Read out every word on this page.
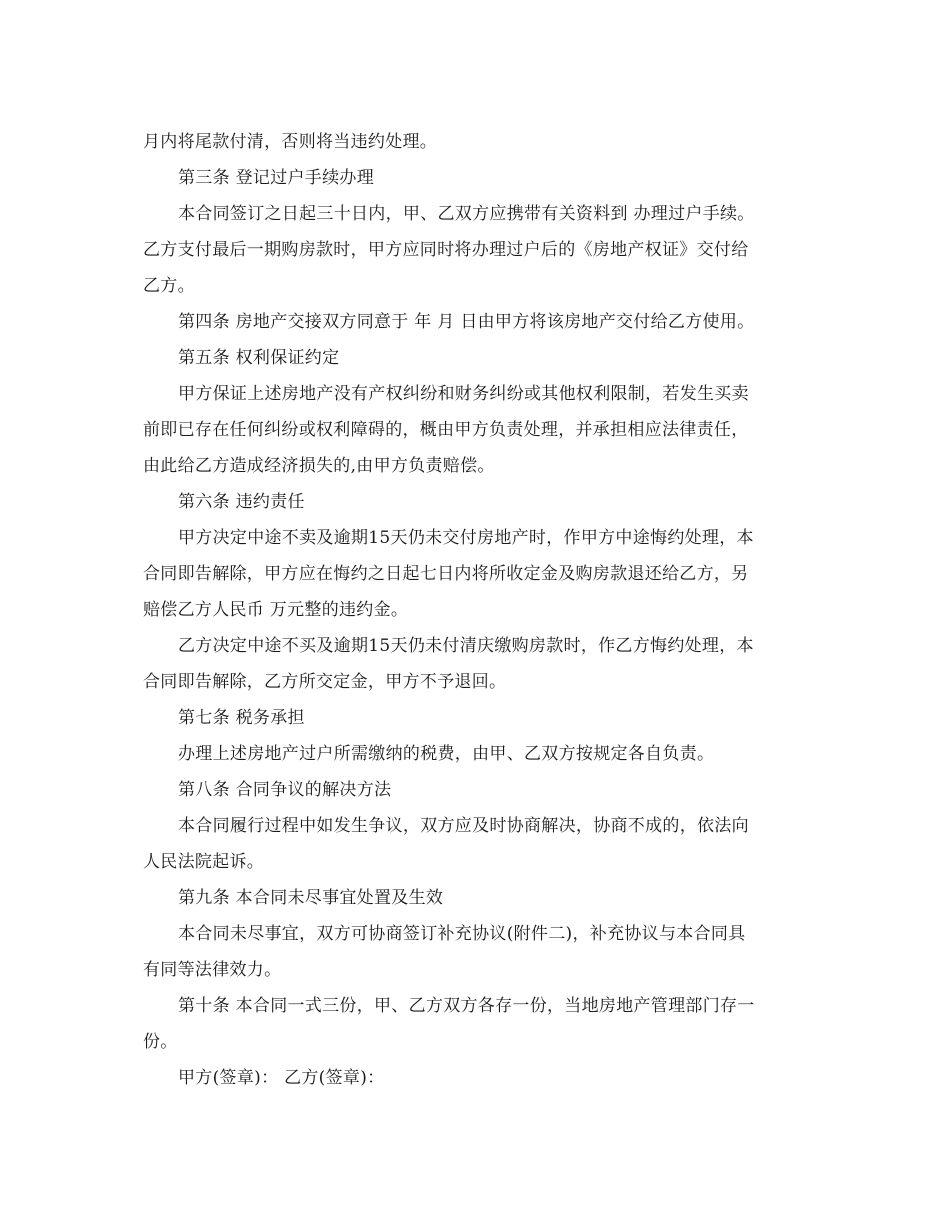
月内将尾款付清，否则将当违约处理。

第三条 登记过户手续办理

本合同签订之日起三十日内，甲、乙双方应携带有关资料到 办理过户手续。

乙方支付最后一期购房款时，甲方应同时将办理过户后的《房地产权证》交付给

乙方。

第四条 房地产交接双方同意于 年 月 日由甲方将该房地产交付给乙方使用。

第五条 权利保证约定

甲方保证上述房地产没有产权纠纷和财务纠纷或其他权利限制，若发生买卖

前即已存在任何纠纷或权利障碍的，概由甲方负责处理，并承担相应法律责任，

由此给乙方造成经济损失的,由甲方负责赔偿。

第六条 违约责任

甲方决定中途不卖及逾期15天仍未交付房地产时，作甲方中途悔约处理，本

合同即告解除，甲方应在悔约之日起七日内将所收定金及购房款退还给乙方，另

赔偿乙方人民币 万元整的违约金。

乙方决定中途不买及逾期15天仍未付清庆缴购房款时，作乙方悔约处理，本

合同即告解除，乙方所交定金，甲方不予退回。

第七条 税务承担

办理上述房地产过户所需缴纳的税费，由甲、乙双方按规定各自负责。

第八条 合同争议的解决方法

本合同履行过程中如发生争议，双方应及时协商解决，协商不成的，依法向

人民法院起诉。

第九条 本合同未尽事宜处置及生效

本合同未尽事宜，双方可协商签订补充协议(附件二)，补充协议与本合同具

有同等法律效力。

第十条 本合同一式三份，甲、乙方双方各存一份，当地房地产管理部门存一

份。

甲方(签章)： 乙方(签章)：
